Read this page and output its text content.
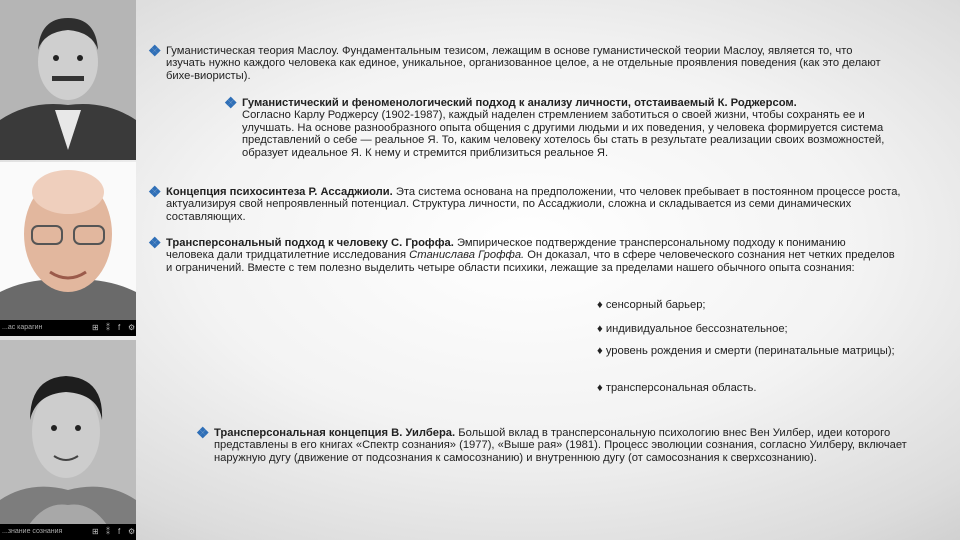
...ас карагин	⊞ ⁑ f ⚙
...знание сознания	⊞ ⁑ f ⚙
❖ Гуманистическая теория Маслоу. Фундаментальным тезисом, лежащим в основе гуманистической теории Маслоу, является то, что изучать нужно каждого человека как единое, уникальное, организованное целое, а не отдельные проявления поведения (как это делают бихе-виористы).

❖ Гуманистический и феноменологический подход к анализу личности, отстаиваемый К. Роджерсом.

Согласно Карлу Роджерсу (1902-1987), каждый наделен стремлением заботиться о своей жизни, чтобы сохранять ее и улучшать. На основе разнообразного опыта общения с другими людьми и их поведения, у человека формируется система представлений о себе — реальное Я. То, каким человеку хотелось бы стать в результате реализации своих возможностей, образует идеальное Я. К нему и стремится приблизиться реальное Я.

❖ Концепция психосинтеза Р. Ассаджиоли. Эта система основана на предположении, что человек пребывает в постоянном процессе роста, актуализируя свой непроявленный потенциал. Структура личности, по Ассаджиоли, сложна и складывается из семи динамических составляющих.

❖ Трансперсональный подход к человеку С. Гроффа. Эмпирическое подтверждение трансперсональному подходу к пониманию человека дали тридцатилетние исследования Станислава Гроффа. Он доказал, что в сфере человеческого сознания нет четких пределов и ограничений. Вместе с тем полезно выделить четыре области психики, лежащие за пределами нашего обычного опыта сознания:

♦ сенсорный барьер;
♦ индивидуальное бессознательное;
♦ уровень рождения и смерти (перинатальные матрицы);
♦ трансперсональная область.
❖ Трансперсональная концепция В. Уилбера. Большой вклад в трансперсональную психологию внес Вен Уилбер, идеи которого представлены в его книгах «Спектр сознания» (1977), «Выше рая» (1981). Процесс эволюции сознания, согласно Уилберу, включает наружную дугу (движение от подсознания к самосознанию) и внутреннюю дугу (от самосознания к сверхсознанию).
